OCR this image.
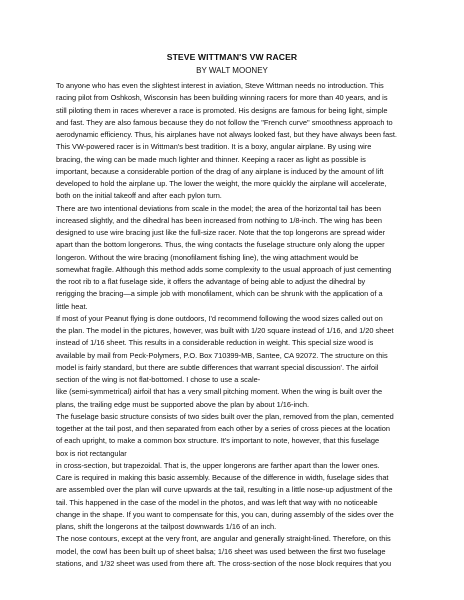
STEVE WITTMAN'S VW RACER
BY WALT MOONEY
To anyone who has even the slightest interest in aviation, Steve Wittman needs no introduction. This
racing pilot from Oshkosh, Wisconsin has been building winning racers for more than 40 years, and is
still piloting them in races wherever a race is promoted. His designs are famous for being light, simple
and fast. They are also famous because they do not follow the "French curve" smoothness approach to
aerodynamic efficiency. Thus, his airplanes have not always looked fast, but they have always been fast.
This VW-powered racer is in Wittman's best tradition. It is a boxy, angular airplane. By using wire
bracing, the wing can be made much lighter and thinner. Keeping a racer as light as possible is
important, because a considerable portion of the drag of any airplane is induced by the amount of lift
developed to hold the airplane up. The lower the weight, the more quickly the airplane will accelerate,
both on the initial takeoff and after each pylon turn.
There are two intentional deviations from scale in the model; the area of the horizontal tail has been
increased slightly, and the dihedral has been increased from nothing to 1/8-inch. The wing has been
designed to use wire bracing just like the full-size racer. Note that the top longerons are spread wider
apart than the bottom longerons. Thus, the wing contacts the fuselage structure only along the upper
longeron. Without the wire bracing (monofilament fishing line), the wing attachment would be
somewhat fragile. Although this method adds some complexity to the usual approach of just cementing
the root rib to a flat fuselage side, it offers the advantage of being able to adjust the dihedral by
rerigging the bracing—a simple job with monofilament, which can be shrunk with the application of a
little heat.
If most of your Peanut flying is done outdoors, I'd recommend following the wood sizes called out on
the plan. The model in the pictures, however, was built with 1/20 square instead of 1/16, and 1/20 sheet
instead of 1/16 sheet. This results in a considerable reduction in weight. This special size wood is
available by mail from Peck-Polymers, P.O. Box 710399-MB, Santee, CA 92072. The structure on this
model is fairly standard, but there are subtle differences that warrant special discussion'. The airfoil
section of the wing is not flat-bottomed. I chose to use a scale-
like (semi-symmetrical) airfoil that has a very small pitching moment. When the wing is built over the
plans, the trailing edge must be supported above the plan by about 1/16-inch.
The fuselage basic structure consists of two sides built over the plan, removed from the plan, cemented
together at the tail post, and then separated from each other by a series of cross pieces at the location
of each upright, to make a common box structure. It's important to note, however, that this fuselage
box is riot rectangular
in cross-section, but trapezoidal. That is, the upper longerons are farther apart than the lower ones.
Care is required in making this basic assembly. Because of the difference in width, fuselage sides that
are assembled over the plan will curve upwards at the tail, resulting in a little nose-up adjustment of the
tail. This happened in the case of the model in the photos, and was left that way with no noticeable
change in the shape. If you want to compensate for this, you can, during assembly of the sides over the
plans, shift the longerons at the tailpost downwards 1/16 of an inch.
The nose contours, except at the very front, are angular and generally straight-lined. Therefore, on this
model, the cowl has been built up of sheet balsa; 1/16 sheet was used between the first two fuselage
stations, and 1/32 sheet was used from there aft. The cross-section of the nose block requires that you
